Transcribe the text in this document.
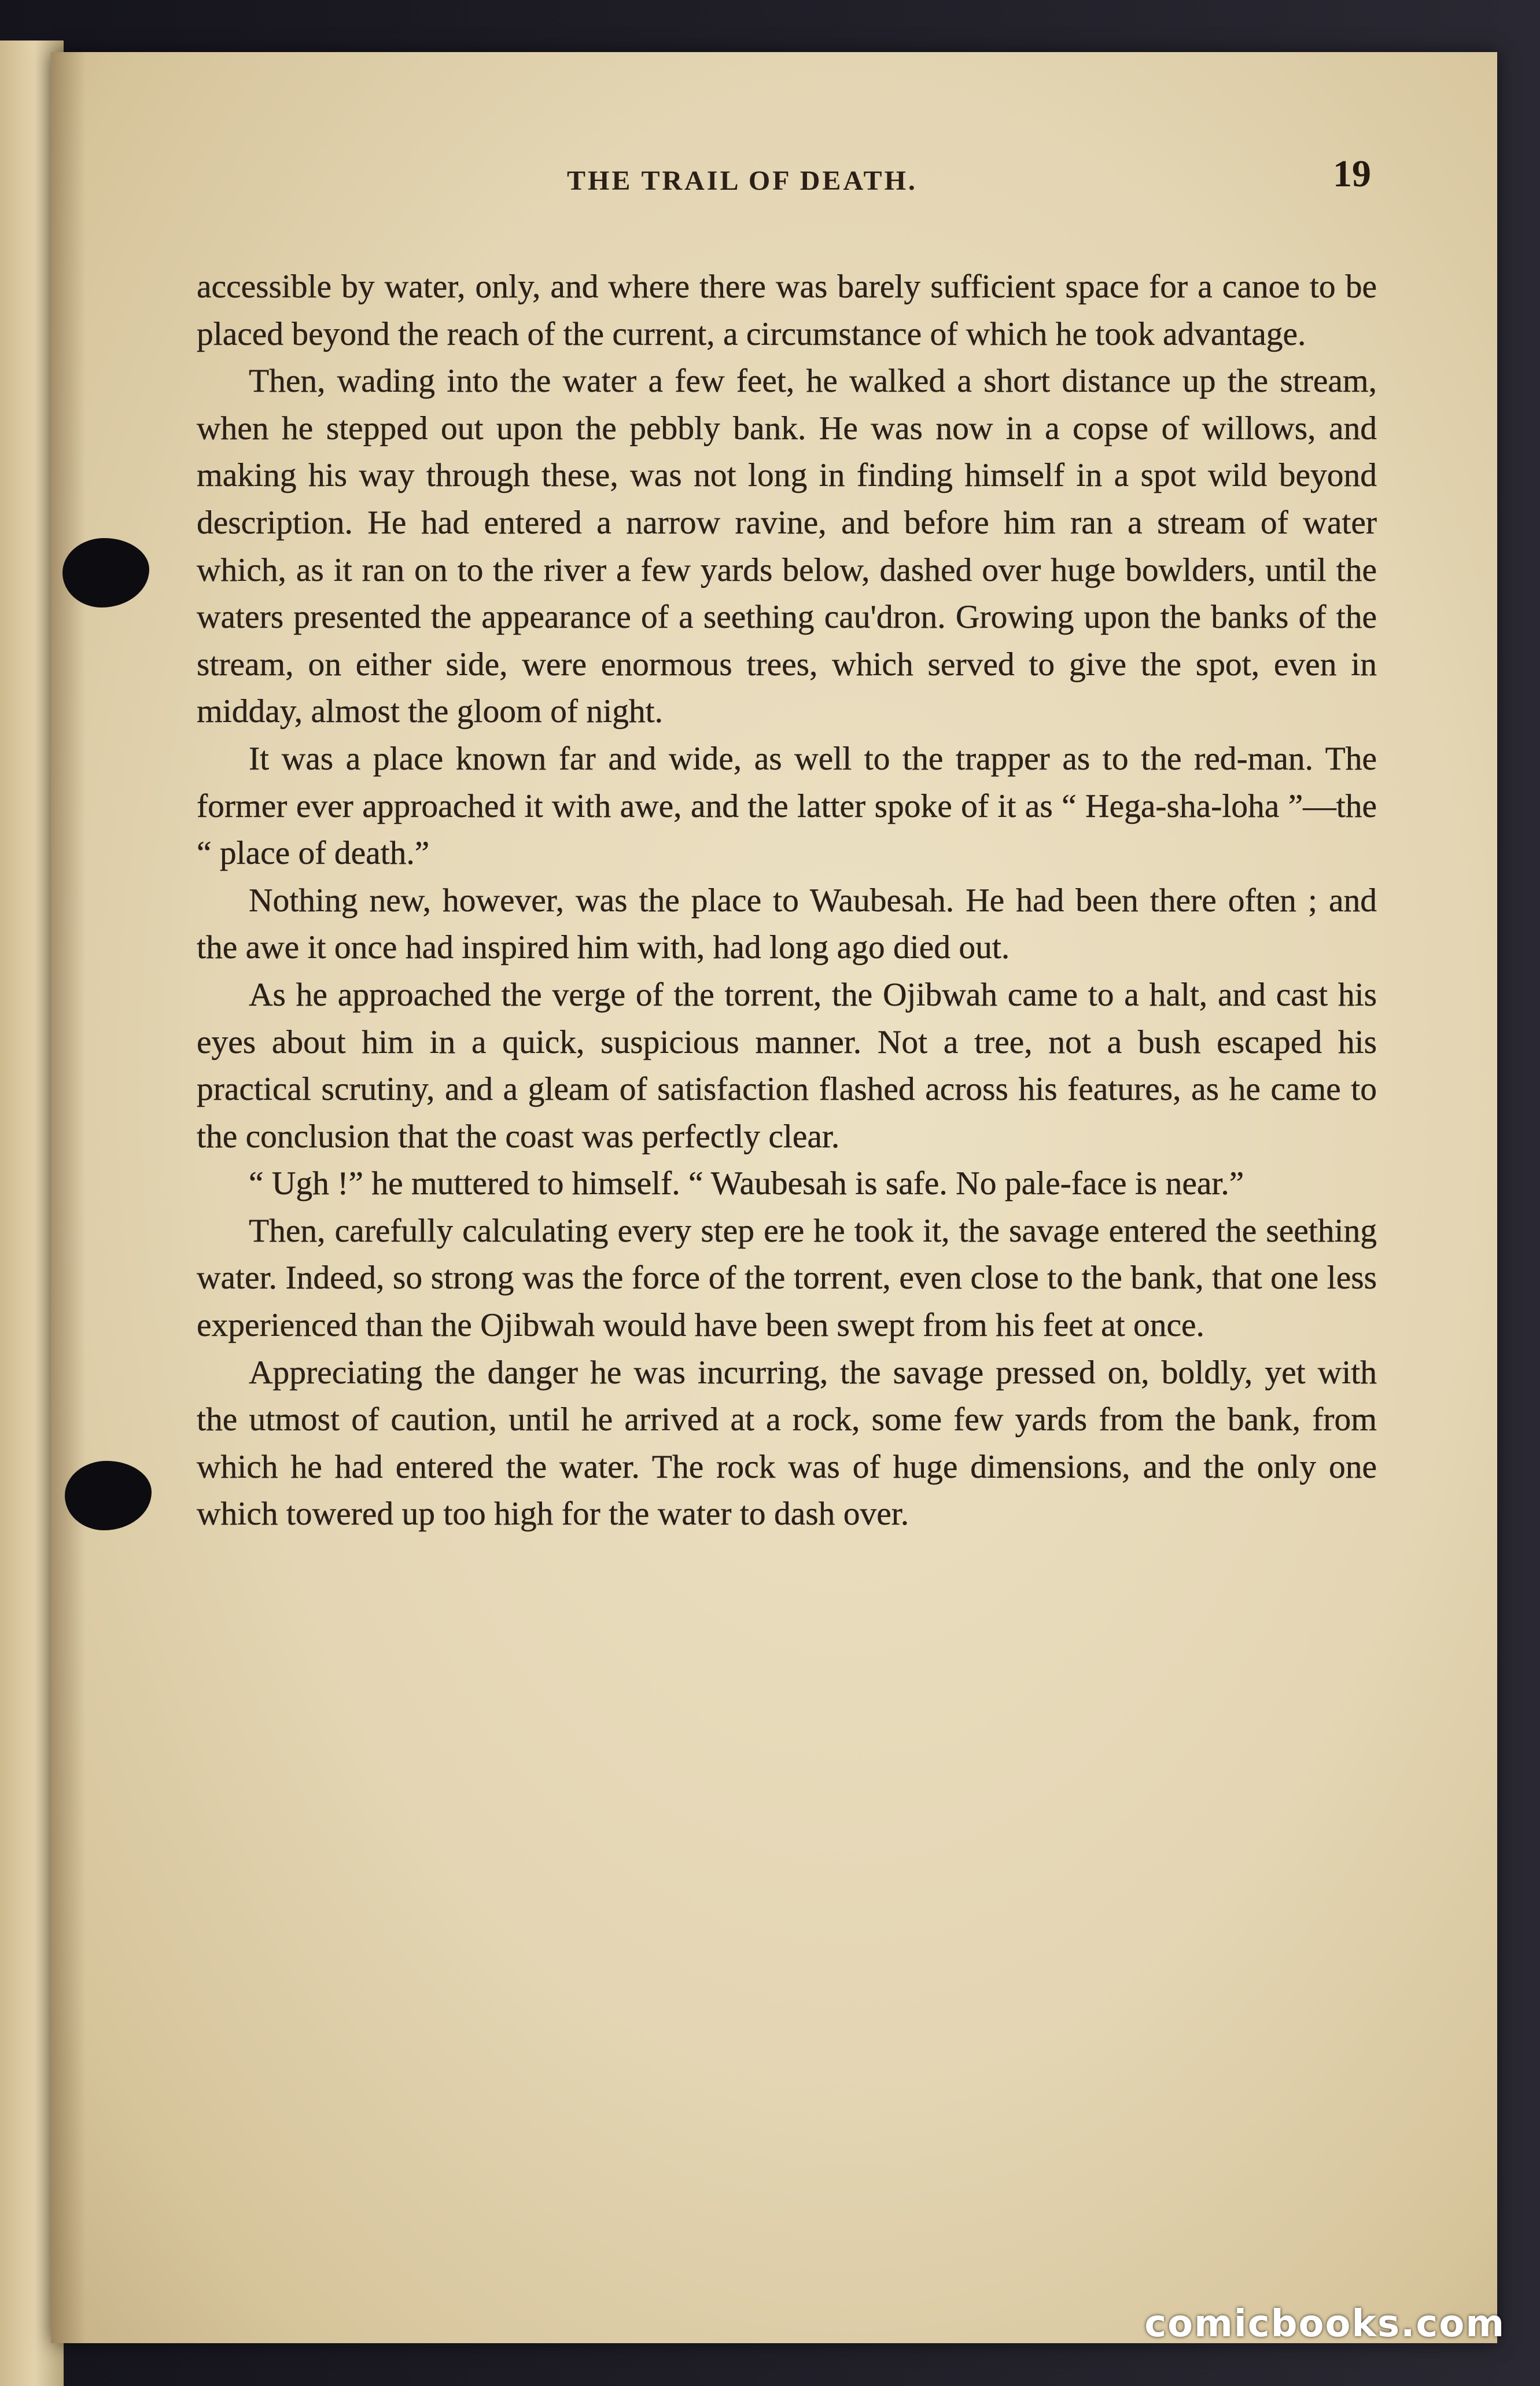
THE TRAIL OF DEATH.	19

accessible by water, only, and where there was barely sufficient space for a canoe to be placed beyond the reach of the current, a circumstance of which he took advantage.

Then, wading into the water a few feet, he walked a short distance up the stream, when he stepped out upon the pebbly bank. He was now in a copse of willows, and making his way through these, was not long in finding himself in a spot wild beyond description. He had entered a narrow ravine, and before him ran a stream of water which, as it ran on to the river a few yards below, dashed over huge bowlders, until the waters presented the appearance of a seething cau'dron. Growing upon the banks of the stream, on either side, were enormous trees, which served to give the spot, even in midday, almost the gloom of night.

It was a place known far and wide, as well to the trapper as to the red-man. The former ever approached it with awe, and the latter spoke of it as “ Hega-sha-loha ”—the “ place of death.”

Nothing new, however, was the place to Waubesah. He had been there often ; and the awe it once had inspired him with, had long ago died out.

As he approached the verge of the torrent, the Ojibwah came to a halt, and cast his eyes about him in a quick, suspicious manner. Not a tree, not a bush escaped his practical scrutiny, and a gleam of satisfaction flashed across his features, as he came to the conclusion that the coast was perfectly clear.

“ Ugh !” he muttered to himself. “ Waubesah is safe. No pale-face is near.”

Then, carefully calculating every step ere he took it, the savage entered the seething water. Indeed, so strong was the force of the torrent, even close to the bank, that one less experienced than the Ojibwah would have been swept from his feet at once.

Appreciating the danger he was incurring, the savage pressed on, boldly, yet with the utmost of caution, until he arrived at a rock, some few yards from the bank, from which he had entered the water. The rock was of huge dimensions, and the only one which towered up too high for the water to dash over.

comicbooks.com
